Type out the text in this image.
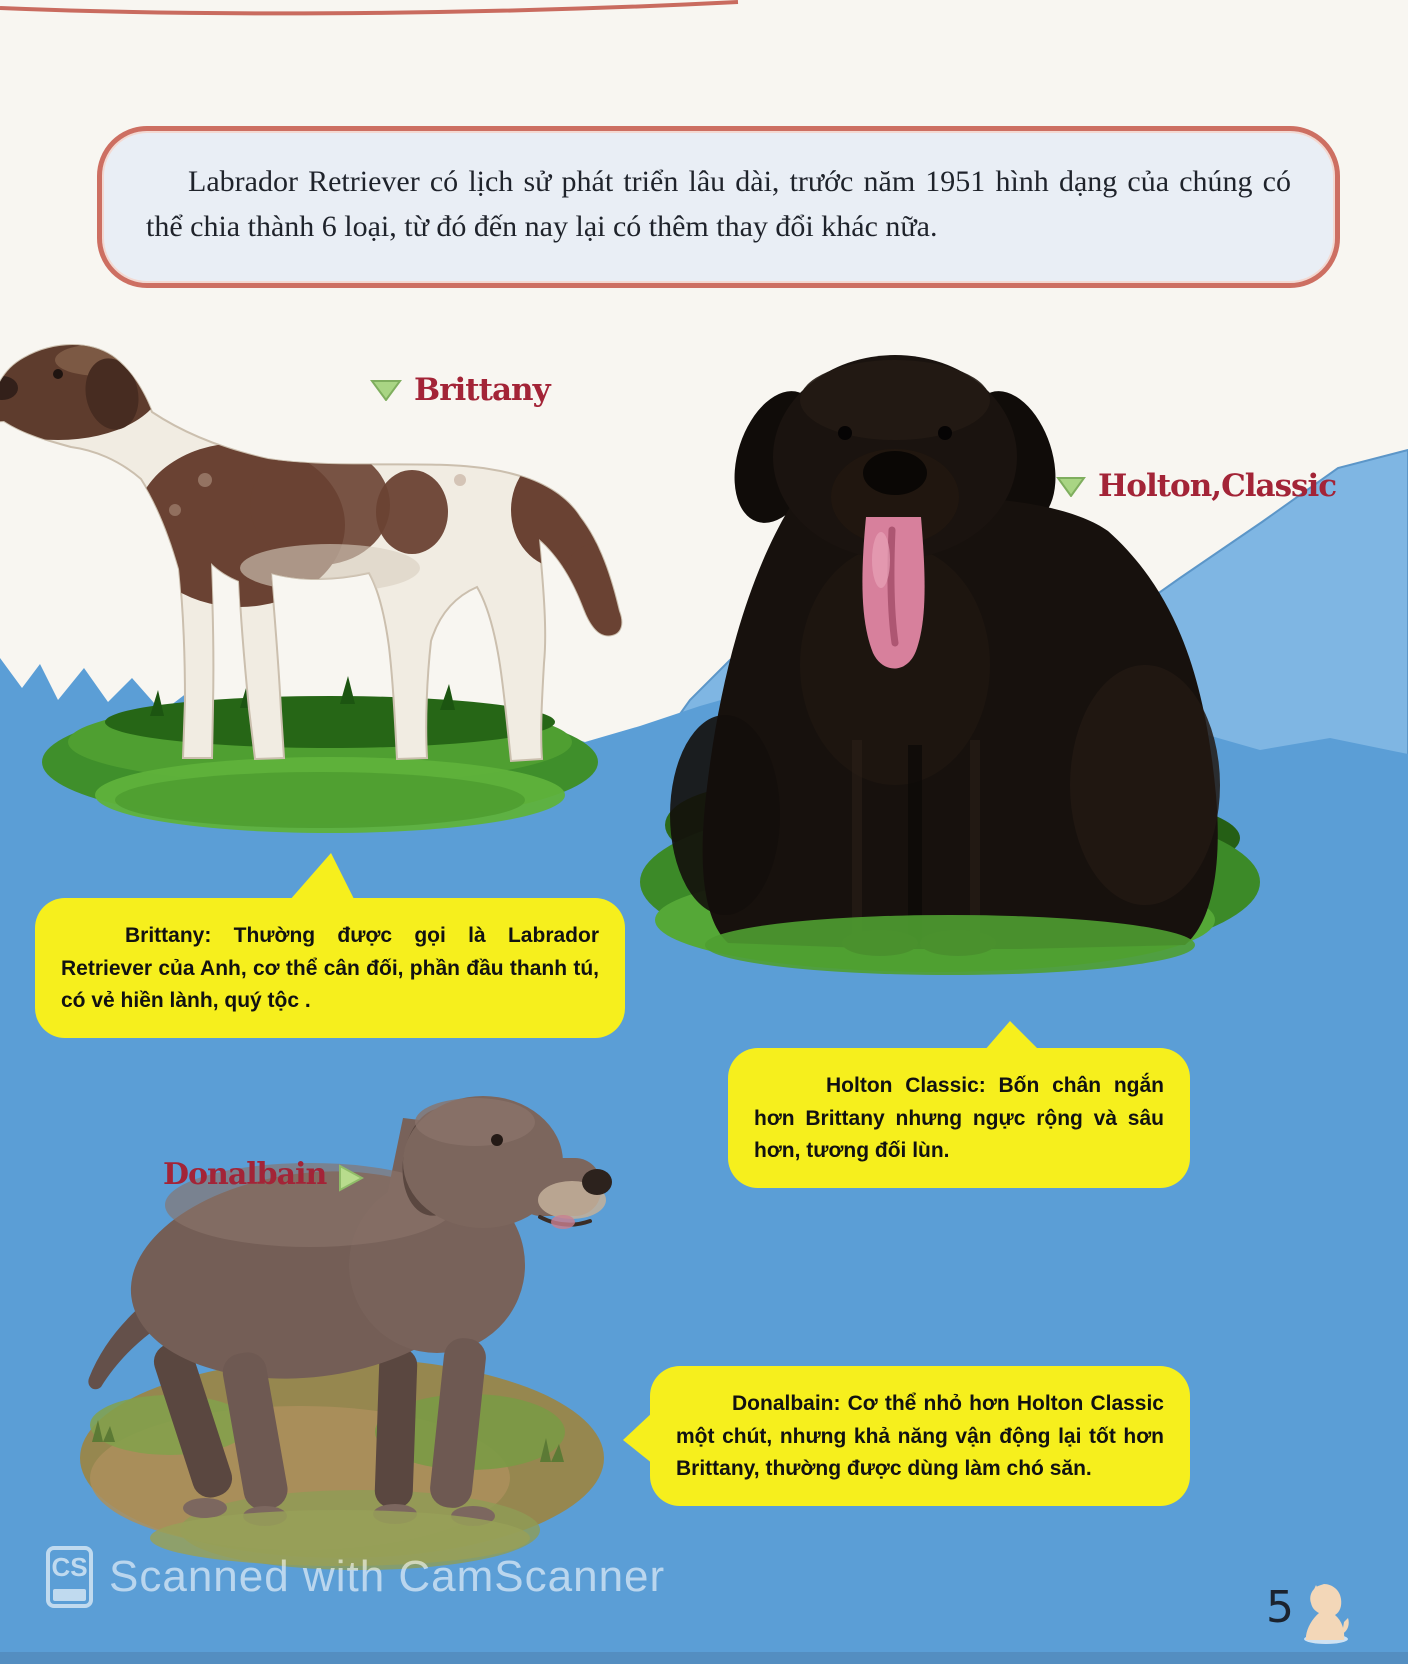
Labrador Retriever có lịch sử phát triển lâu dài, trước năm 1951 hình dạng của chúng có thể chia thành 6 loại, từ đó đến nay lại có thêm thay đổi khác nữa.

Brittany
Holton,Classic
Donalbain

Brittany: Thường được gọi là Labrador Retriever của Anh, cơ thể cân đối, phần đầu thanh tú, có vẻ hiền lành, quý tộc .

Holton Classic: Bốn chân ngắn hơn Brittany nhưng ngực rộng và sâu hơn, tương đối lùn.

Donalbain: Cơ thể nhỏ hơn Holton Classic một chút, nhưng khả năng vận động lại tốt hơn Brittany, thường được dùng làm chó săn.

CS Scanned with CamScanner
5
